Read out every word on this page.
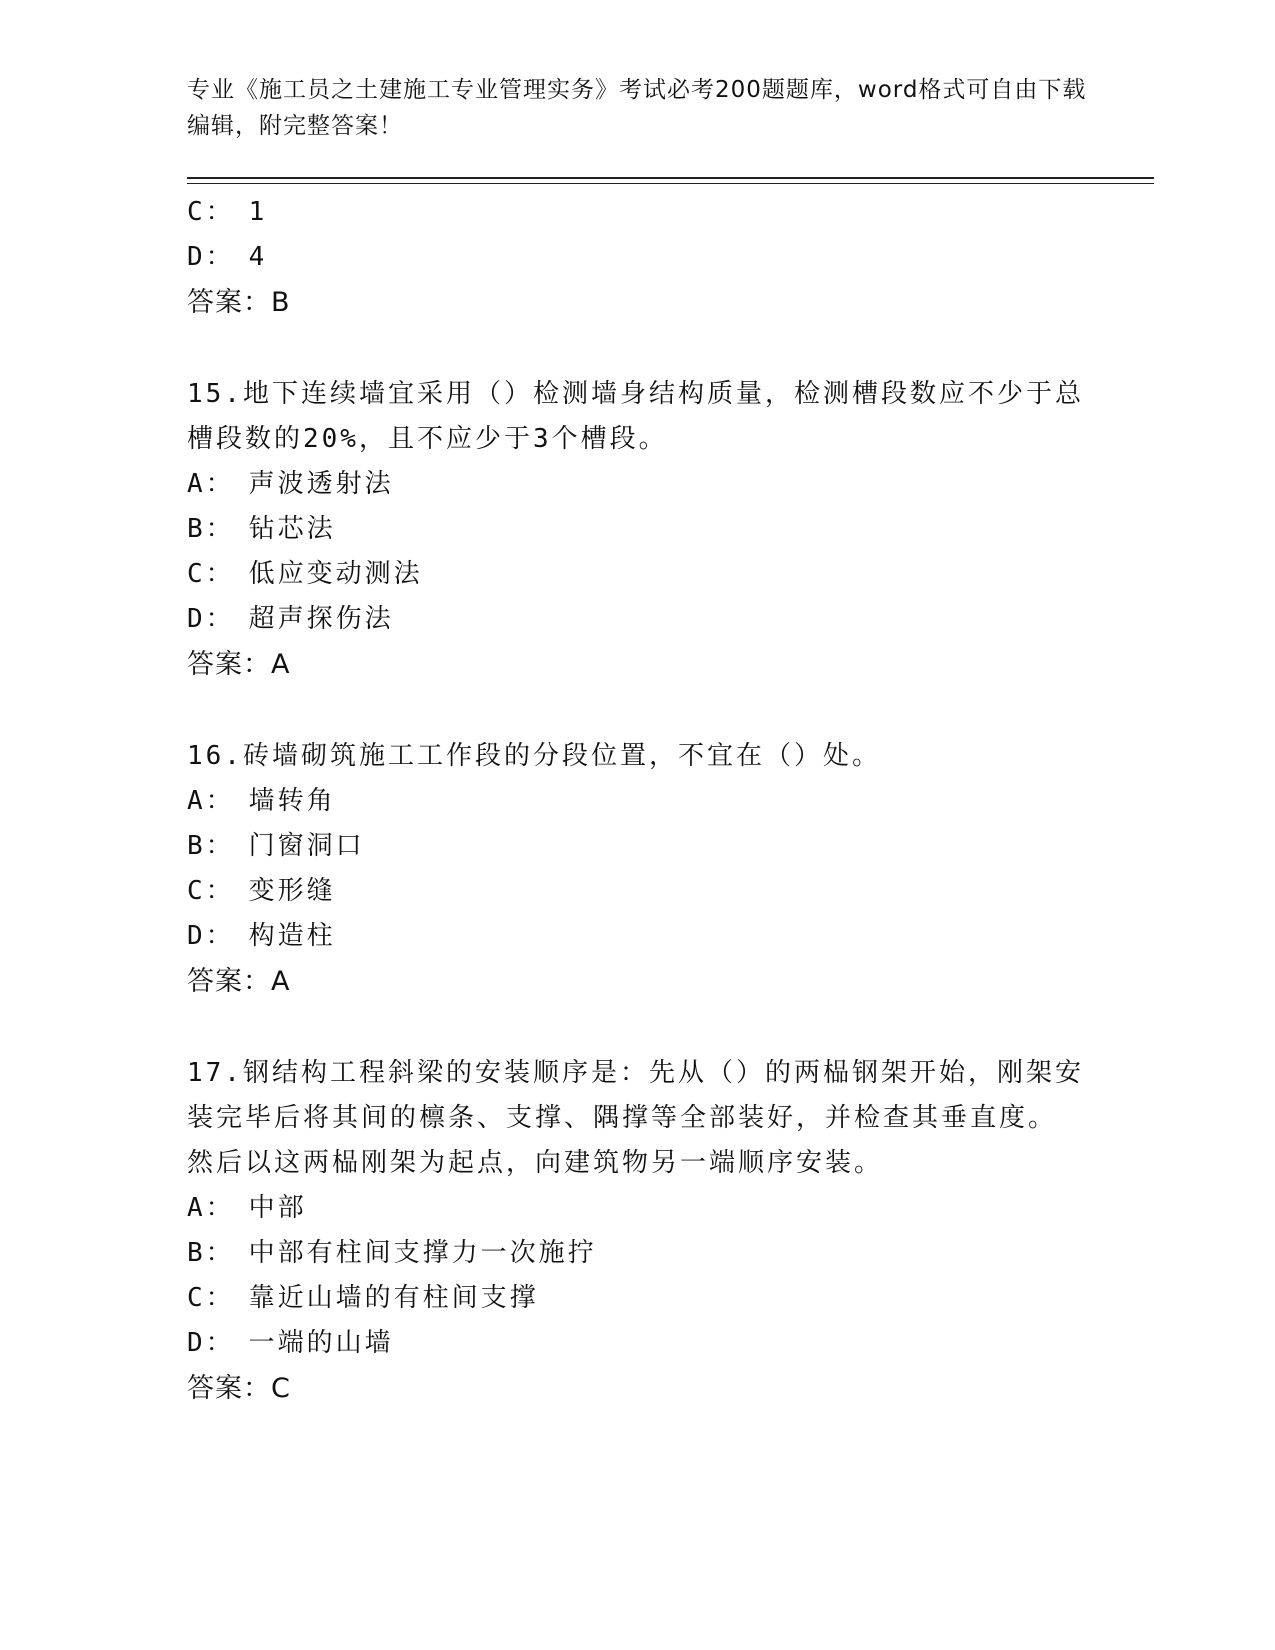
专业《施工员之土建施工专业管理实务》考试必考200题题库，word格式可自由下载编辑，附完整答案！
C： 1
D： 4
答案：B
15.地下连续墙宜采用（）检测墙身结构质量，检测槽段数应不少于总
槽段数的20%，且不应少于3个槽段。
A： 声波透射法
B： 钻芯法
C： 低应变动测法
D： 超声探伤法
答案：A
16.砖墙砌筑施工工作段的分段位置，不宜在（）处。
A： 墙转角
B： 门窗洞口
C： 变形缝
D： 构造柱
答案：A
17.钢结构工程斜梁的安装顺序是：先从（）的两榀钢架开始，刚架安
装完毕后将其间的檩条、支撑、隅撑等全部装好，并检查其垂直度。
然后以这两榀刚架为起点，向建筑物另一端顺序安装。
A： 中部
B： 中部有柱间支撑力一次施拧
C： 靠近山墙的有柱间支撑
D： 一端的山墙
答案：C
